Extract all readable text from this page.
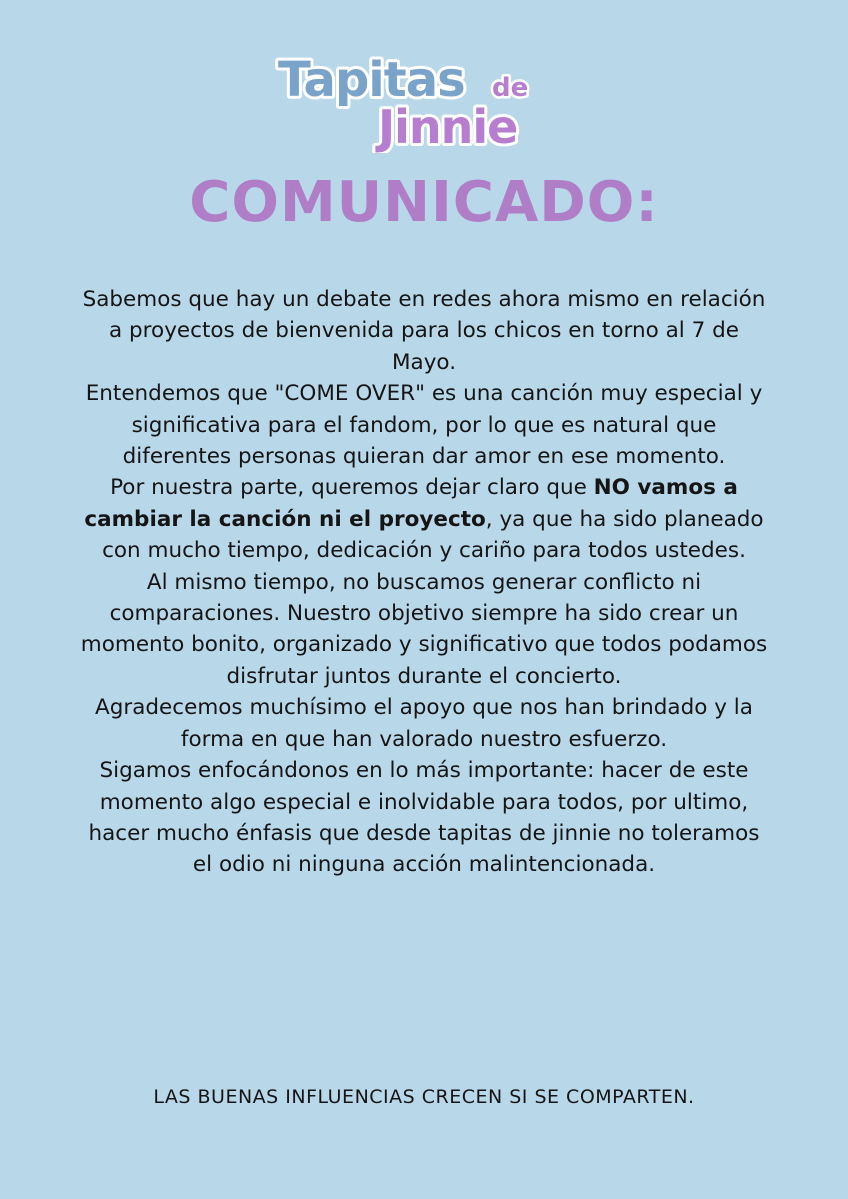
Tapitas de
Jinnie
COMUNICADO:

Sabemos que hay un debate en redes ahora mismo en relación a proyectos de bienvenida para los chicos en torno al 7 de Mayo.

Entendemos que "COME OVER" es una canción muy especial y significativa para el fandom, por lo que es natural que diferentes personas quieran dar amor en ese momento.

Por nuestra parte, queremos dejar claro que NO vamos a cambiar la canción ni el proyecto, ya que ha sido planeado con mucho tiempo, dedicación y cariño para todos ustedes.

Al mismo tiempo, no buscamos generar conflicto ni comparaciones. Nuestro objetivo siempre ha sido crear un momento bonito, organizado y significativo que todos podamos disfrutar juntos durante el concierto.

Agradecemos muchísimo el apoyo que nos han brindado y la forma en que han valorado nuestro esfuerzo.

Sigamos enfocándonos en lo más importante: hacer de este momento algo especial e inolvidable para todos, por ultimo, hacer mucho énfasis que desde tapitas de jinnie no toleramos el odio ni ninguna acción malintencionada.

LAS BUENAS INFLUENCIAS CRECEN SI SE COMPARTEN.
